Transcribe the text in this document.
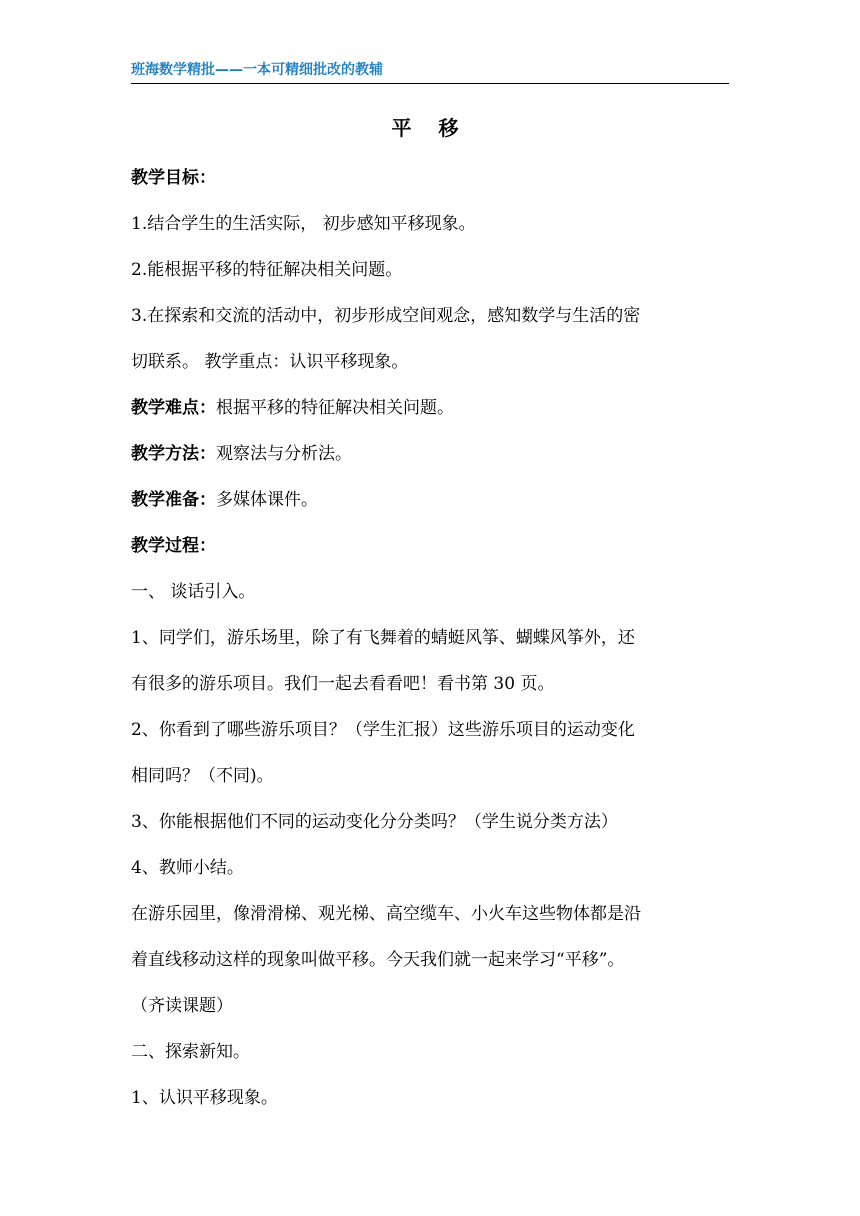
班海数学精批——一本可精细批改的教辅
平 移

教学目标：

1.结合学生的生活实际， 初步感知平移现象。

2.能根据平移的特征解决相关问题。

3.在探索和交流的活动中，初步形成空间观念，感知数学与生活的密

切联系。 教学重点：认识平移现象。

教学难点：根据平移的特征解决相关问题。

教学方法：观察法与分析法。

教学准备：多媒体课件。

教学过程：

一、 谈话引入。

1、同学们，游乐场里，除了有飞舞着的蜻蜓风筝、蝴蝶风筝外，还

有很多的游乐项目。我们一起去看看吧！看书第 30 页。

2、你看到了哪些游乐项目？（学生汇报）这些游乐项目的运动变化

相同吗？（不同)。

3、你能根据他们不同的运动变化分分类吗？（学生说分类方法）

4、教师小结。

在游乐园里，像滑滑梯、观光梯、高空缆车、小火车这些物体都是沿

着直线移动这样的现象叫做平移。今天我们就一起来学习“平移”。

（齐读课题）

二、探索新知。

1、认识平移现象。
